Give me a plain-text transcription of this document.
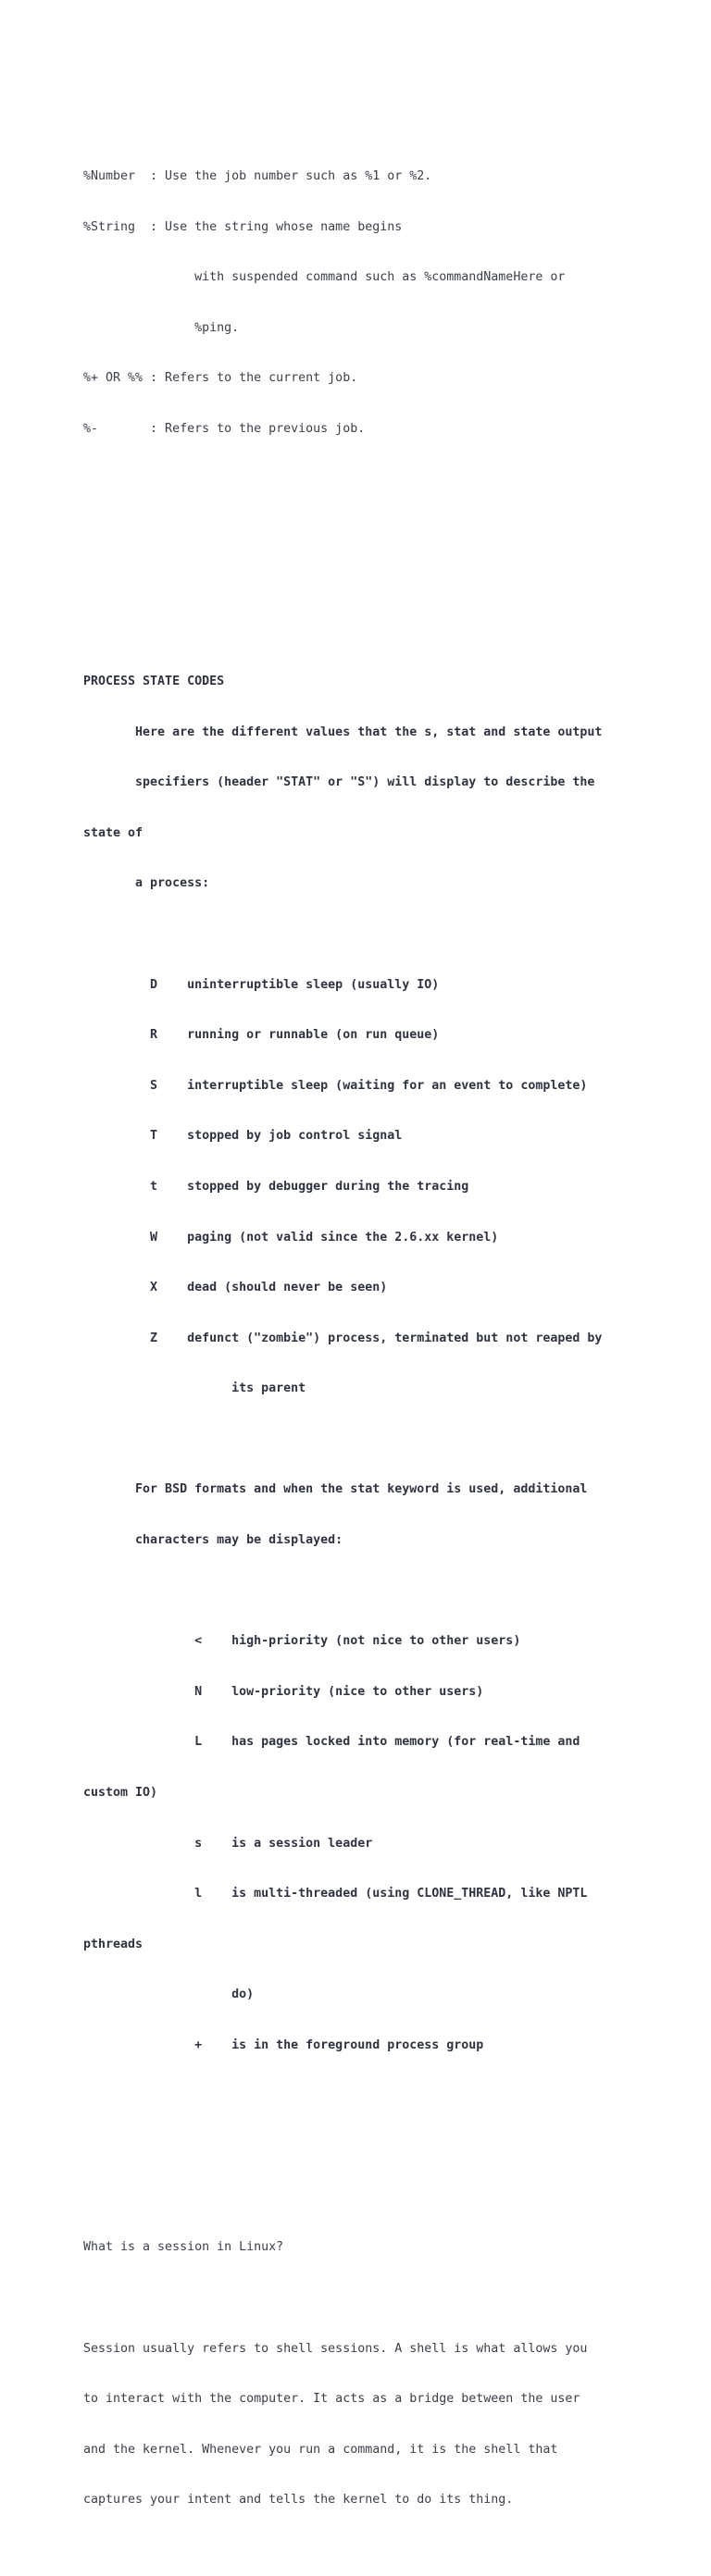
%Number  : Use the job number such as %1 or %2.

%String  : Use the string whose name begins

with suspended command such as %commandNameHere or

%ping.

%+ OR %% : Refers to the current job.

%-       : Refers to the previous job.

PROCESS STATE CODES

Here are the different values that the s, stat and state output

specifiers (header "STAT" or "S") will display to describe the

state of

a process:

D    uninterruptible sleep (usually IO)

R    running or runnable (on run queue)

S    interruptible sleep (waiting for an event to complete)

T    stopped by job control signal

t    stopped by debugger during the tracing

W    paging (not valid since the 2.6.xx kernel)

X    dead (should never be seen)

Z    defunct ("zombie") process, terminated but not reaped by

its parent

For BSD formats and when the stat keyword is used, additional

characters may be displayed:

<    high-priority (not nice to other users)

N    low-priority (nice to other users)

L    has pages locked into memory (for real-time and

custom IO)

s    is a session leader

l    is multi-threaded (using CLONE_THREAD, like NPTL

pthreads

do)

+    is in the foreground process group

What is a session in Linux?

Session usually refers to shell sessions. A shell is what allows you

to interact with the computer. It acts as a bridge between the user

and the kernel. Whenever you run a command, it is the shell that

captures your intent and tells the kernel to do its thing.
